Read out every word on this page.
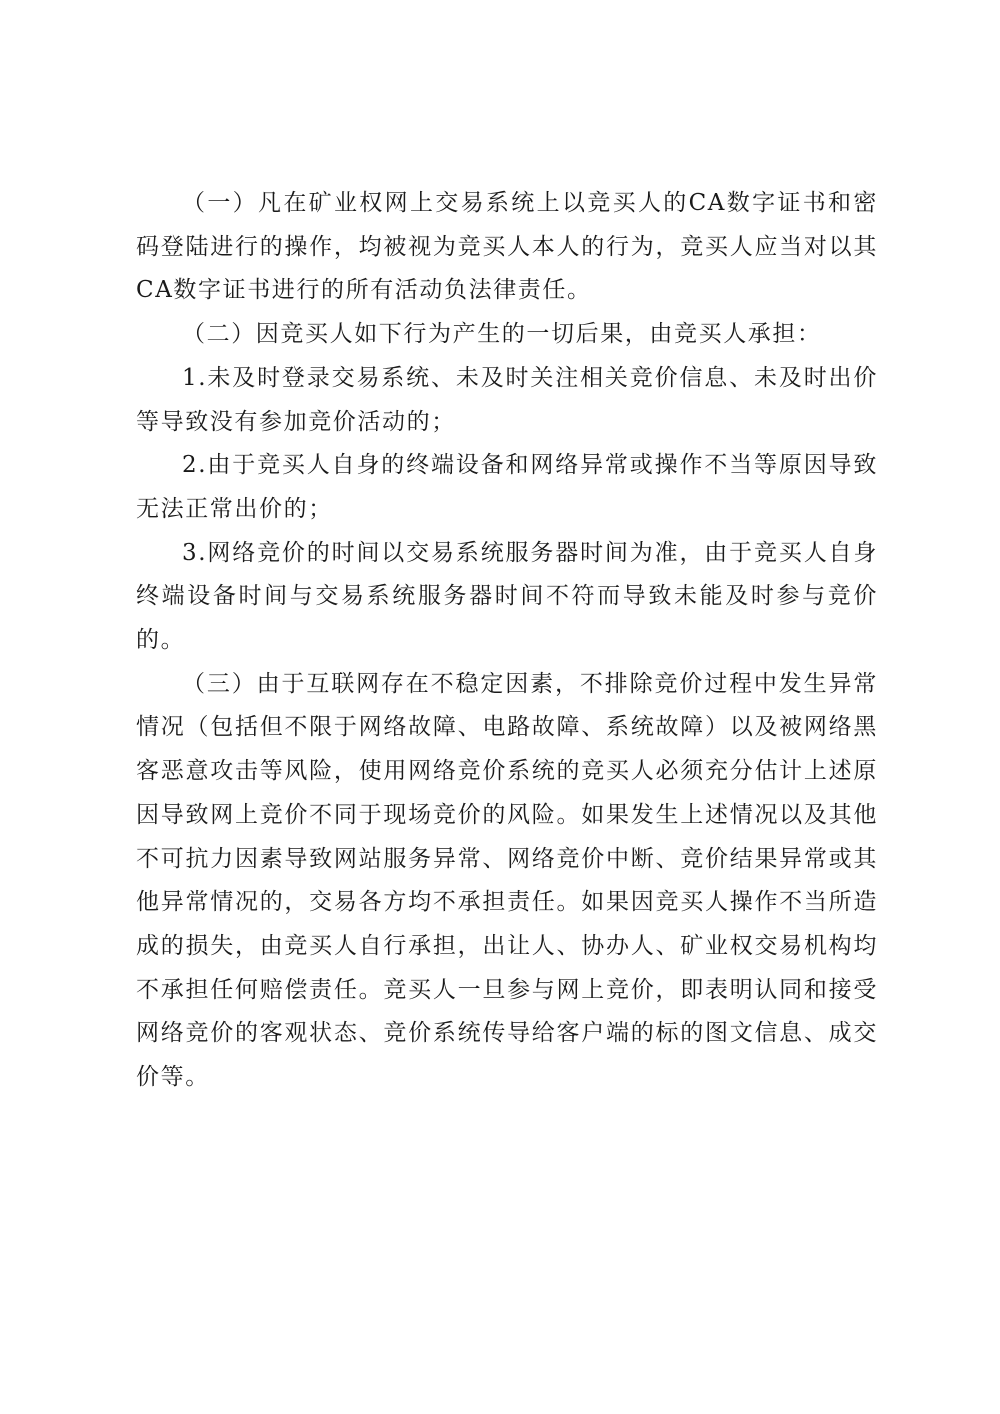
（一）凡在矿业权网上交易系统上以竞买人的CA数字证书和密码登陆进行的操作，均被视为竞买人本人的行为，竞买人应当对以其CA数字证书进行的所有活动负法律责任。

（二）因竞买人如下行为产生的一切后果，由竞买人承担：

1.未及时登录交易系统、未及时关注相关竞价信息、未及时出价等导致没有参加竞价活动的；

2.由于竞买人自身的终端设备和网络异常或操作不当等原因导致无法正常出价的；

3.网络竞价的时间以交易系统服务器时间为准，由于竞买人自身终端设备时间与交易系统服务器时间不符而导致未能及时参与竞价的。

（三）由于互联网存在不稳定因素，不排除竞价过程中发生异常情况（包括但不限于网络故障、电路故障、系统故障）以及被网络黑客恶意攻击等风险，使用网络竞价系统的竞买人必须充分估计上述原因导致网上竞价不同于现场竞价的风险。如果发生上述情况以及其他不可抗力因素导致网站服务异常、网络竞价中断、竞价结果异常或其他异常情况的，交易各方均不承担责任。如果因竞买人操作不当所造成的损失，由竞买人自行承担，出让人、协办人、矿业权交易机构均不承担任何赔偿责任。竞买人一旦参与网上竞价，即表明认同和接受网络竞价的客观状态、竞价系统传导给客户端的标的图文信息、成交价等。
